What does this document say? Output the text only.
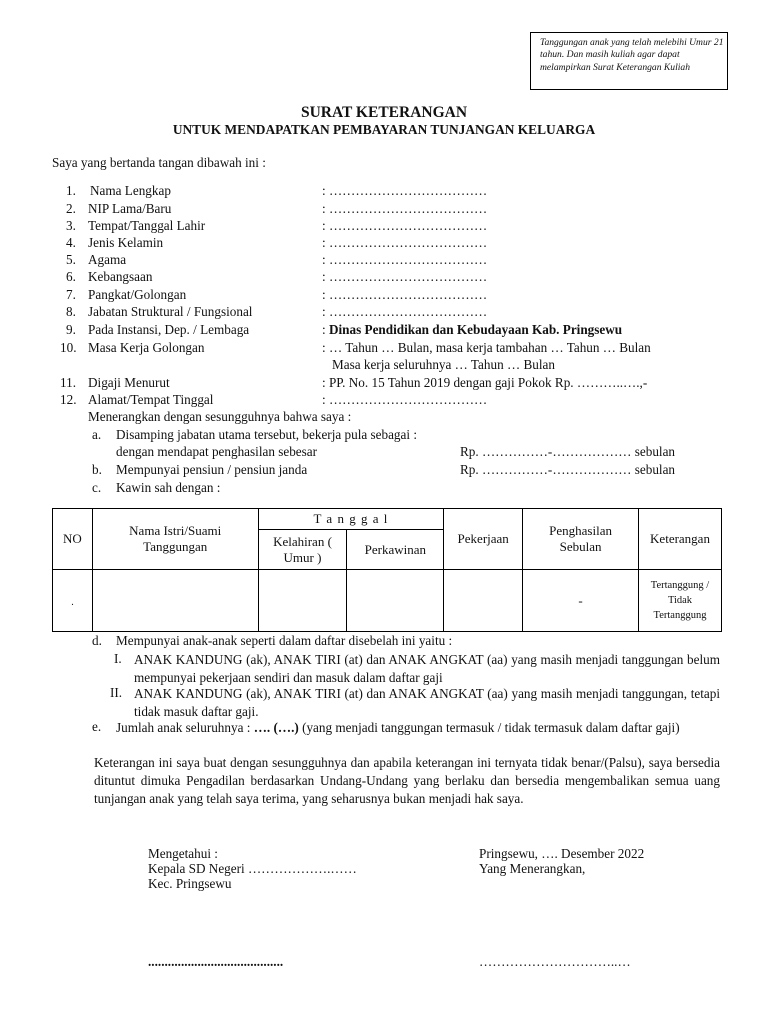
Tanggungan anak yang telah melebihi Umur 21 tahun. Dan masih kuliah agar dapat melampirkan Surat Keterangan Kuliah
SURAT KETERANGAN
UNTUK MENDAPATKAN PEMBAYARAN TUNJANGAN KELUARGA
Saya yang bertanda tangan dibawah ini :
1. Nama Lengkap	: ………………………………
2. NIP Lama/Baru	: ………………………………
3. Tempat/Tanggal Lahir	: ………………………………
4. Jenis Kelamin	: ………………………………
5. Agama	: ………………………………
6. Kebangsaan	: ………………………………
7. Pangkat/Golongan	: ………………………………
8. Jabatan Struktural / Fungsional	: ………………………………
9. Pada Instansi, Dep. / Lembaga	: Dinas Pendidikan dan Kebudayaan Kab. Pringsewu
10. Masa Kerja Golongan	: … Tahun … Bulan, masa kerja tambahan … Tahun … Bulan
Masa kerja seluruhnya … Tahun … Bulan
11. Digaji Menurut	: PP. No. 15 Tahun 2019 dengan gaji Pokok Rp. ………..….,-
12. Alamat/Tempat Tinggal	: ………………………………
Menerangkan dengan sesungguhnya bahwa saya :
a. Disamping jabatan utama tersebut, bekerja pula sebagai :
dengan mendapat penghasilan sebesar	Rp. ……………-……………… sebulan
b. Mempunyai pensiun / pensiun janda	Rp. ……………-……………… sebulan
c. Kawin sah dengan :
NO	Nama Istri/Suami Tanggungan	T a n g g a l		Pekerjaan	Penghasilan Sebulan	Keterangan
		Kelahiran ( Umur )	Perkawinan			
.					-	Tertanggung / Tidak Tertanggung
d. Mempunyai anak-anak seperti dalam daftar disebelah ini yaitu :
I. ANAK KANDUNG (ak), ANAK TIRI (at) dan ANAK ANGKAT (aa) yang masih menjadi tanggungan belum mempunyai pekerjaan sendiri dan masuk dalam daftar gaji
II. ANAK KANDUNG (ak), ANAK TIRI (at) dan ANAK ANGKAT (aa) yang masih menjadi tanggungan, tetapi tidak masuk daftar gaji.
e. Jumlah anak seluruhnya : …. (….) (yang menjadi tanggungan termasuk / tidak termasuk dalam daftar gaji)
Keterangan ini saya buat dengan sesungguhnya dan apabila keterangan ini ternyata tidak benar/(Palsu), saya bersedia dituntut dimuka Pengadilan berdasarkan Undang-Undang yang berlaku dan bersedia mengembalikan semua uang tunjangan anak yang telah saya terima, yang seharusnya bukan menjadi hak saya.
Mengetahui :
Kepala SD Negeri ……………….……
Kec. Pringsewu
.........................................
Pringsewu, …. Desember 2022
Yang Menerangkan,
…………………………..…
